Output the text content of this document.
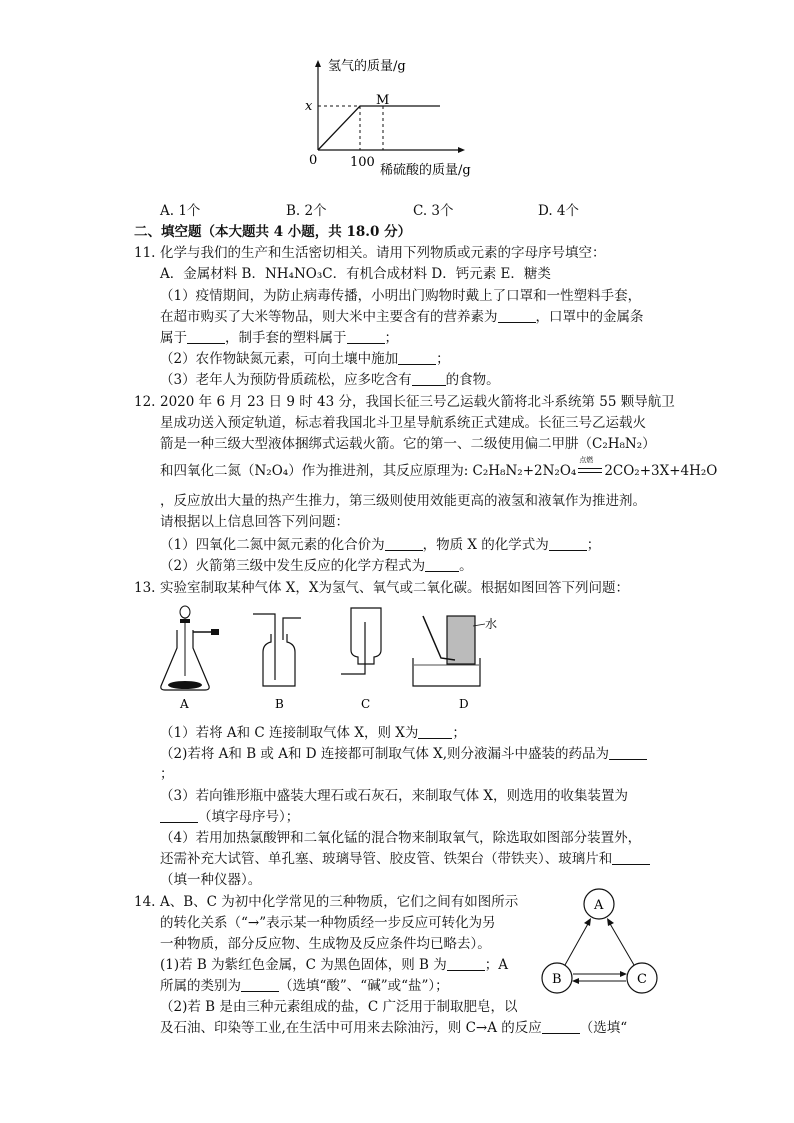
氢气的质量/g
x	M
0	100
稀硫酸的质量/g
A. 1个	B. 2个	C. 3个	D. 4个
二、填空题（本大题共 4 小题，共 18.0 分）
11. 化学与我们的生产和生活密切相关。请用下列物质或元素的字母序号填空：
A．金属材料 B．NH₄NO₃C．有机合成材料 D．钙元素 E．糖类
（1）疫情期间，为防止病毒传播，小明出门购物时戴上了口罩和一性塑料手套，
在超市购买了大米等物品，则大米中主要含有的营养素为	，口罩中的金属条
属于	，制手套的塑料属于	；
（2）农作物缺氮元素，可向土壤中施加	；
（3）老年人为预防骨质疏松，应多吃含有	的食物。
12. 2020 年 6 月 23 日 9 时 43 分，我国长征三号乙运载火箭将北斗系统第 55 颗导航卫
星成功送入预定轨道，标志着我国北斗卫星导航系统正式建成。长征三号乙运载火
箭是一种三级大型液体捆绑式运载火箭。它的第一、二级使用偏二甲肼（C₂H₈N₂）
和四氧化二氮（N₂O₄）作为推进剂，其反应原理为: C₂H₈N₂+2N₂O₄
点燃
2CO₂+3X+4H₂O
，反应放出大量的热产生推力，第三级则使用效能更高的液氢和液氧作为推进剂。
请根据以上信息回答下列问题：
（1）四氧化二氮中氮元素的化合价为	，物质 X 的化学式为	；
（2）火箭第三级中发生反应的化学方程式为	。
13. 实验室制取某种气体 X，X为氢气、氧气或二氧化碳。根据如图回答下列问题：
A	B	C
水
D
（1）若将 A和 C 连接制取气体 X，则 X为	；
（2)若将 A和 B 或 A和 D 连接都可制取气体 X,则分液漏斗中盛装的药品为
；
（3）若向锥形瓶中盛装大理石或石灰石，来制取气体 X，则选用的收集装置为
（填字母序号）；
（4）若用加热氯酸钾和二氧化锰的混合物来制取氧气，除选取如图部分装置外，
还需补充大试管、单孔塞、玻璃导管、胶皮管、铁架台（带铁夹）、玻璃片和
（填一种仪器）。
14. A、B、C 为初中化学常见的三种物质，它们之间有如图所示
的转化关系（“→”表示某一种物质经一步反应可转化为另
一种物质，部分反应物、生成物及反应条件均已略去）。
(1)若 B 为紫红色金属，C 为黑色固体，则 B 为	；A
所属的类别为	（选填“酸”、“碱”或“盐”）；
（2)若 B 是由三种元素组成的盐，C 广泛用于制取肥皂，以
及石油、印染等工业,在生活中可用来去除油污，则 C→A 的反应	（选填“
A
B	C
